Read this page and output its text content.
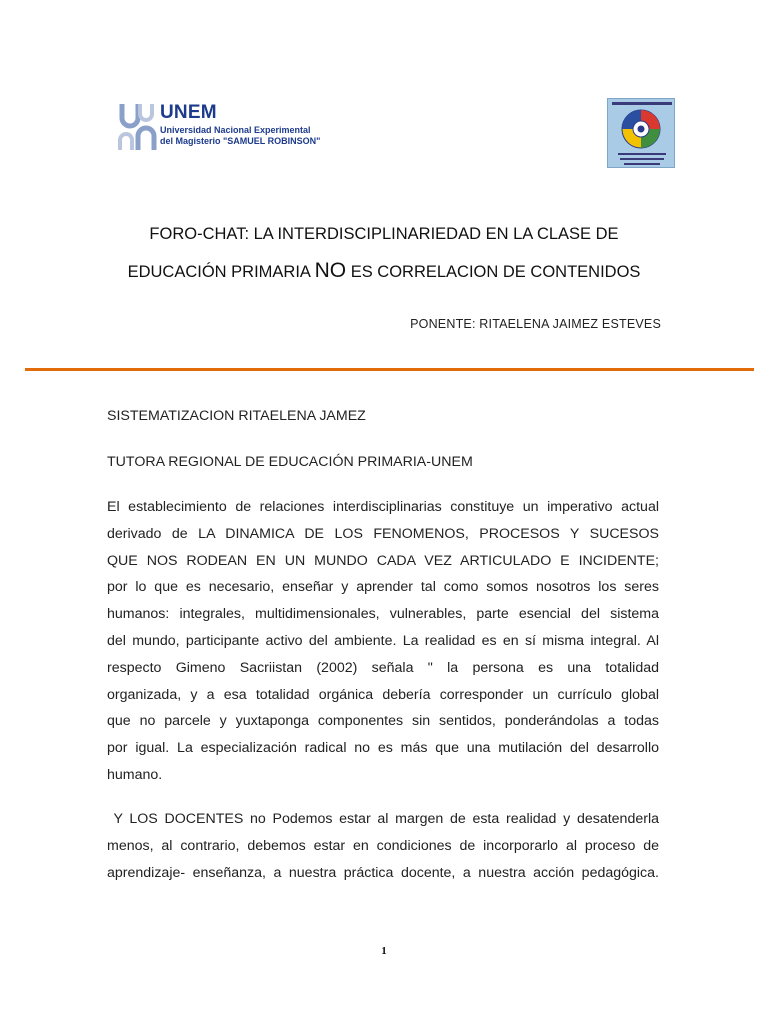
UNEM
Universidad Nacional Experimental
del Magisterio "SAMUEL ROBINSON"
FORO-CHAT: LA INTERDISCIPLINARIEDAD EN LA CLASE DE
EDUCACIÓN PRIMARIA NO ES CORRELACION DE CONTENIDOS
PONENTE: RITAELENA JAIMEZ ESTEVES
SISTEMATIZACION RITAELENA JAMEZ
TUTORA REGIONAL DE EDUCACIÓN PRIMARIA-UNEM
El establecimiento de relaciones interdisciplinarias constituye un imperativo actual
derivado de LA DINAMICA DE LOS FENOMENOS, PROCESOS Y SUCESOS
QUE NOS RODEAN EN UN MUNDO CADA VEZ ARTICULADO E INCIDENTE;
por lo que es necesario, enseñar y aprender tal como somos nosotros los seres
humanos: integrales, multidimensionales, vulnerables, parte esencial del sistema
del mundo, participante activo del ambiente. La realidad es en sí misma integral. Al
respecto Gimeno Sacriistan (2002) señala " la persona es una totalidad
organizada, y a esa totalidad orgánica debería corresponder un currículo global
que no parcele y yuxtaponga componentes sin sentidos, ponderándolas a todas
por igual. La especialización radical no es más que una mutilación del desarrollo
humano.
Y LOS DOCENTES no Podemos estar al margen de esta realidad y desatenderla
menos, al contrario, debemos estar en condiciones de incorporarlo al proceso de
aprendizaje- enseñanza, a nuestra práctica docente, a nuestra acción pedagógica.
1
